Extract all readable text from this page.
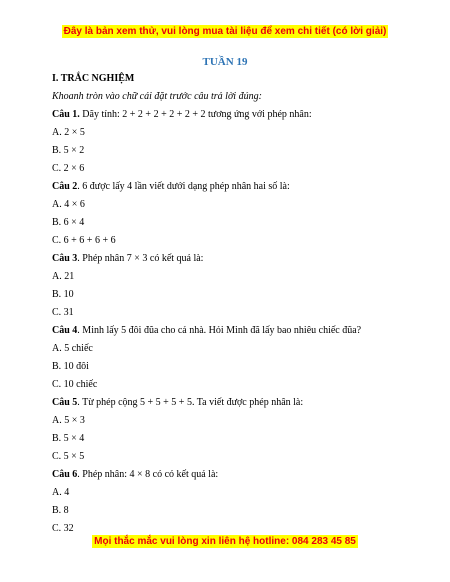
Đây là bản xem thử, vui lòng mua tài liệu để xem chi tiết (có lời giải)
TUẦN 19
I. TRẮC NGHIỆM
Khoanh tròn vào chữ cái đặt trước câu trả lời đúng:
Câu 1. Dãy tính: 2 + 2 + 2 + 2 + 2 + 2 tương ứng với phép nhân:
A. 2 × 5
B. 5 × 2
C. 2 × 6
Câu 2. 6 được lấy 4 lần viết dưới dạng phép nhân hai số là:
A. 4 × 6
B. 6 × 4
C. 6 + 6 + 6 + 6
Câu 3. Phép nhân 7 × 3 có kết quả là:
A. 21
B. 10
C. 31
Câu 4. Minh lấy 5 đôi đũa cho cả nhà. Hỏi Minh đã lấy bao nhiêu chiếc đũa?
A. 5 chiếc
B. 10 đôi
C. 10 chiếc
Câu 5. Từ phép cộng 5 + 5 + 5 + 5. Ta viết được phép nhân là:
A. 5 × 3
B. 5 × 4
C. 5 × 5
Câu 6. Phép nhân: 4 × 8 có có kết quả là:
A. 4
B. 8
C. 32
Mọi thắc mắc vui lòng xin liên hệ hotline: 084 283 45 85
